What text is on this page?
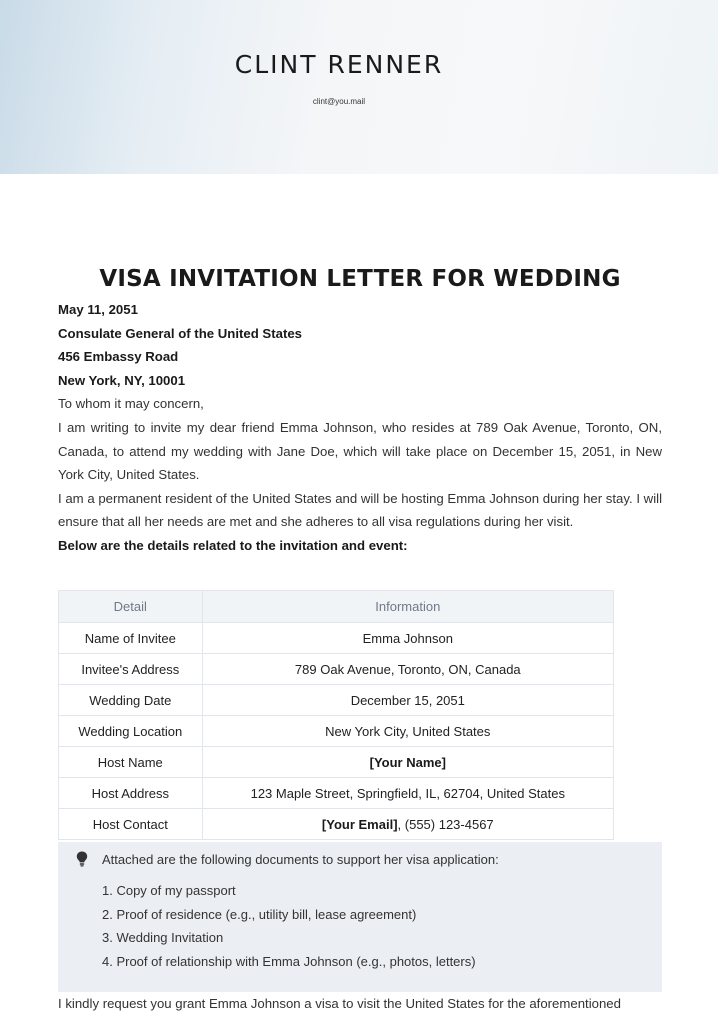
CLINT RENNER
clint@you.mail
VISA INVITATION LETTER FOR WEDDING

May 11, 2051

Consulate General of the United States

456 Embassy Road

New York, NY, 10001

To whom it may concern,

I am writing to invite my dear friend Emma Johnson, who resides at 789 Oak Avenue, Toronto, ON, Canada, to attend my wedding with Jane Doe, which will take place on December 15, 2051, in New York City, United States.

I am a permanent resident of the United States and will be hosting Emma Johnson during her stay. I will ensure that all her needs are met and she adheres to all visa regulations during her visit.

Below are the details related to the invitation and event:

Detail	Information
Name of Invitee	Emma Johnson
Invitee's Address	789 Oak Avenue, Toronto, ON, Canada
Wedding Date	December 15, 2051
Wedding Location	New York City, United States
Host Name	[Your Name]
Host Address	123 Maple Street, Springfield, IL, 62704, United States
Host Contact	[Your Email], (555) 123-4567
Attached are the following documents to support her visa application:
1. Copy of my passport
2. Proof of residence (e.g., utility bill, lease agreement)
3. Wedding Invitation
4. Proof of relationship with Emma Johnson (e.g., photos, letters)
I kindly request you grant Emma Johnson a visa to visit the United States for the aforementioned
